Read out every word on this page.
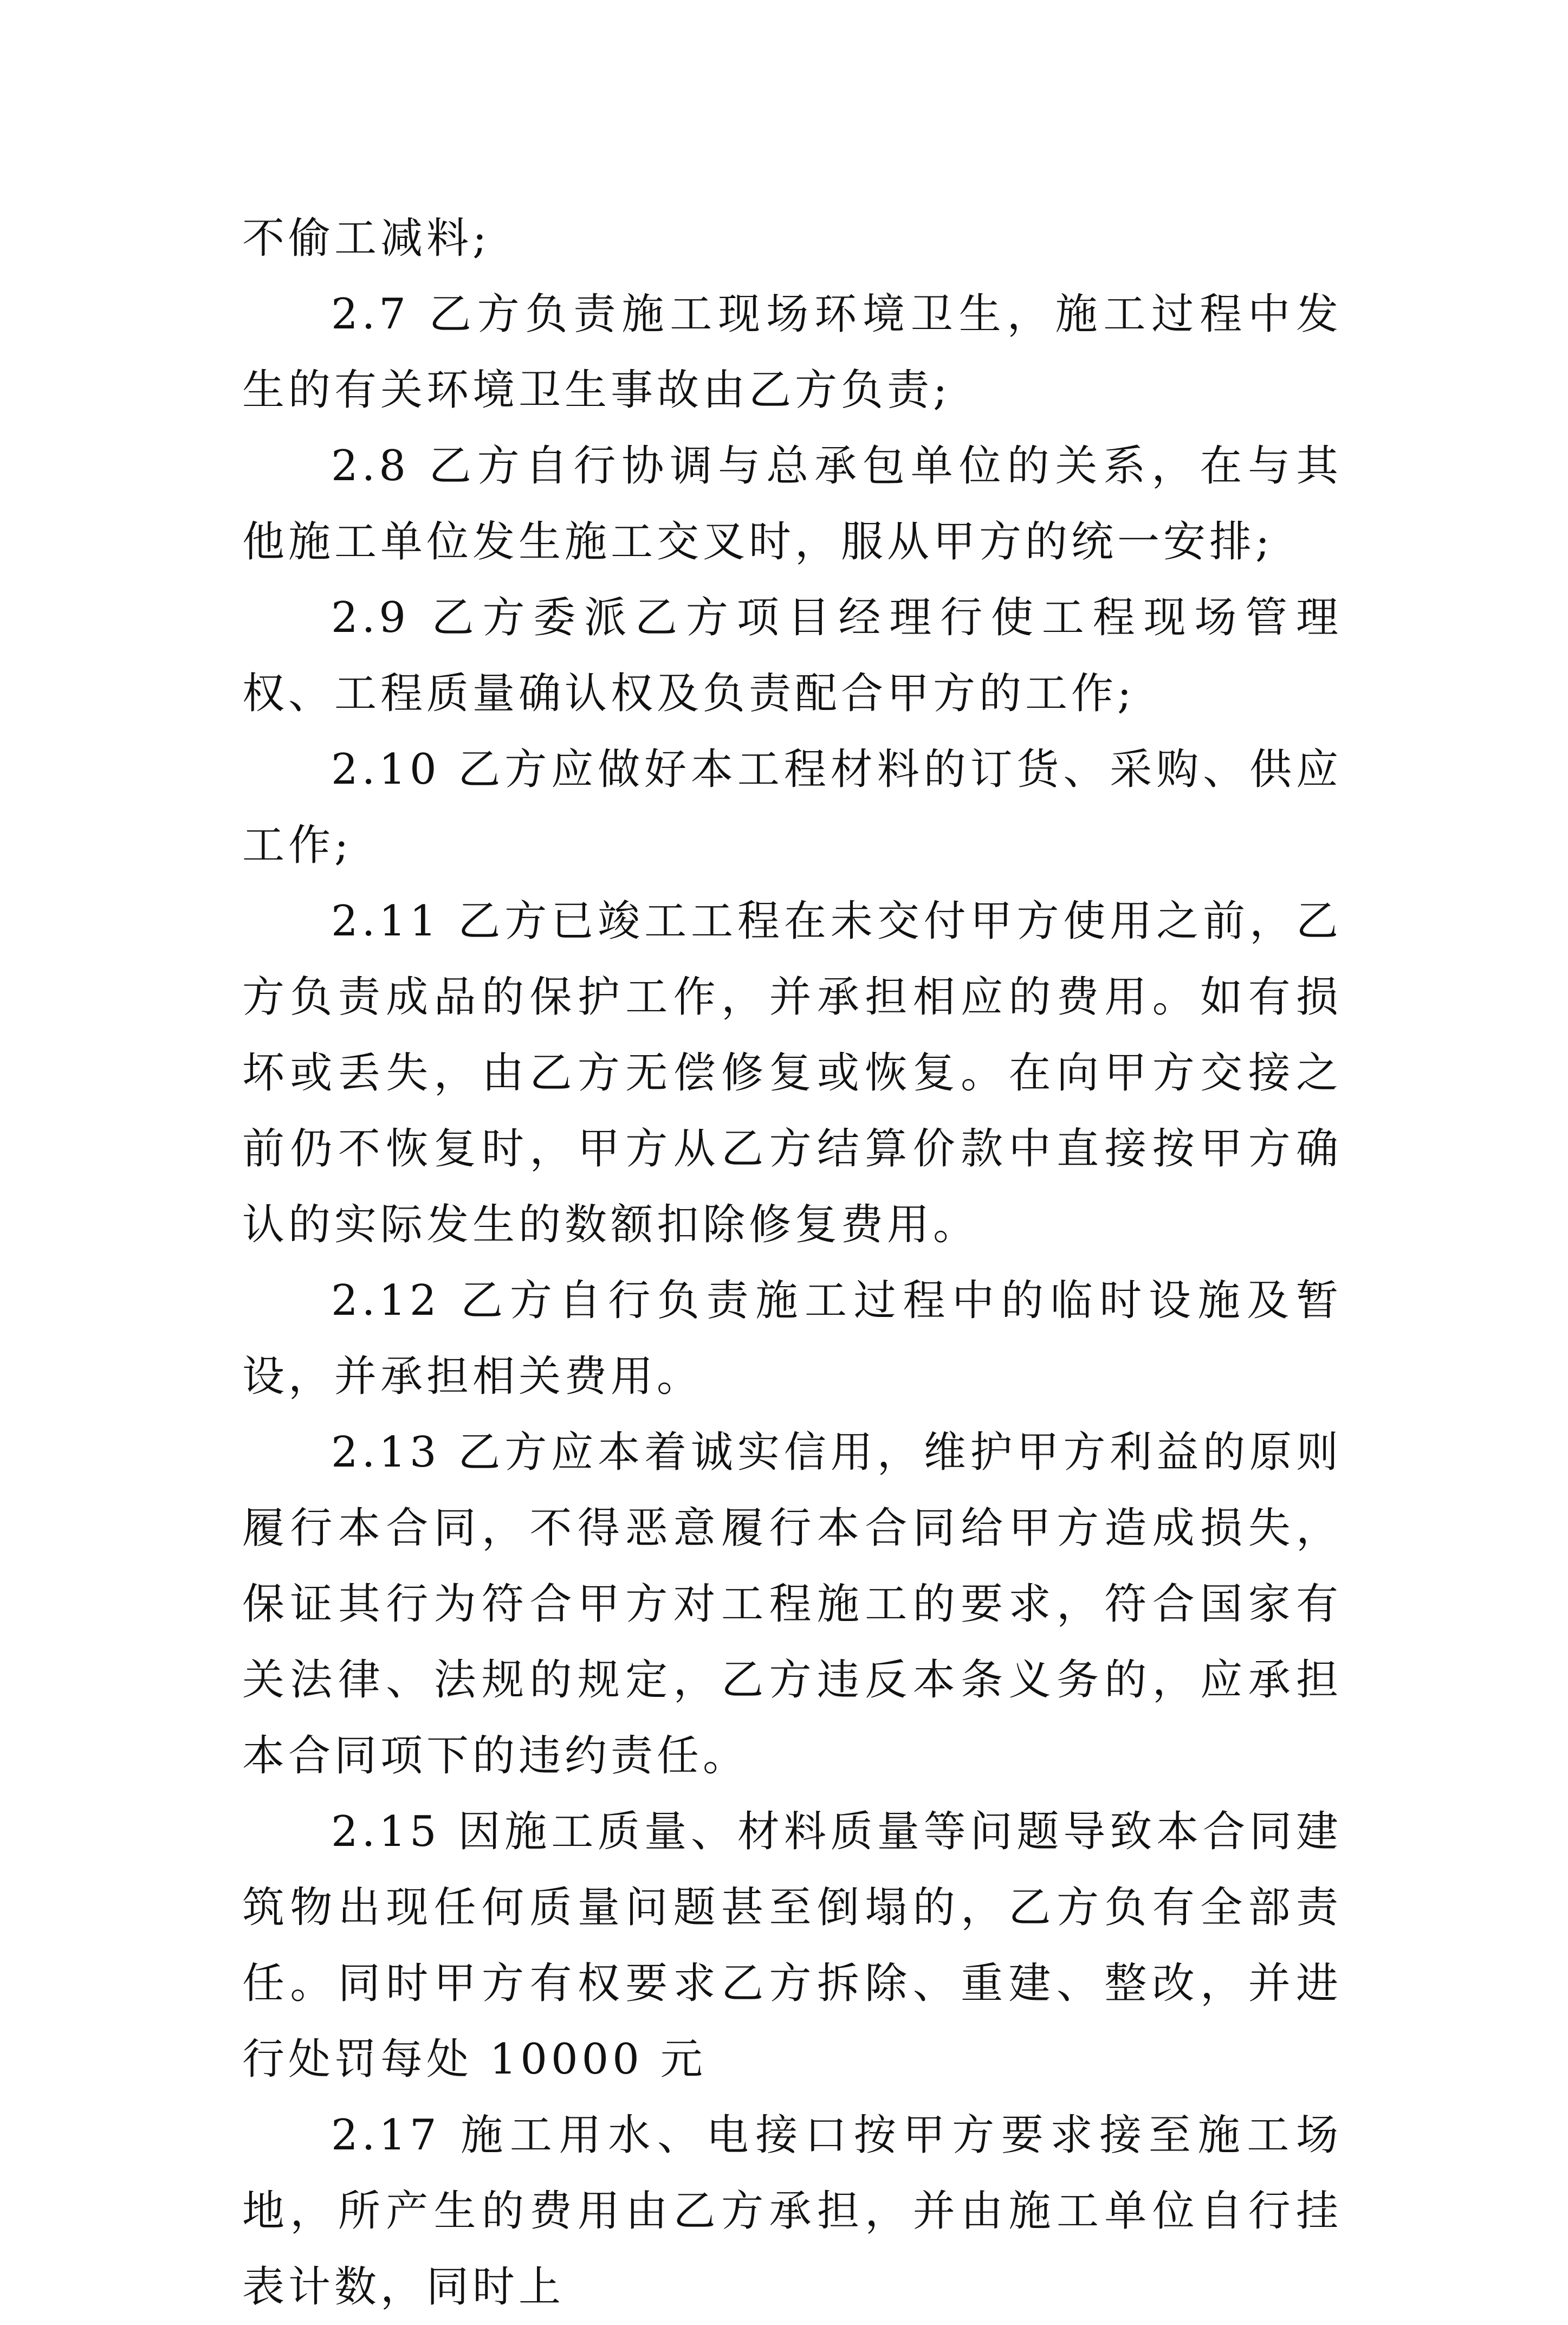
不偷工减料;

2.7 乙方负责施工现场环境卫生，施工过程中发生的有关环境卫生事故由乙方负责;

2.8 乙方自行协调与总承包单位的关系，在与其他施工单位发生施工交叉时，服从甲方的统一安排;

2.9 乙方委派乙方项目经理行使工程现场管理权、工程质量确认权及负责配合甲方的工作;

2.10 乙方应做好本工程材料的订货、采购、供应工作;

2.11 乙方已竣工工程在未交付甲方使用之前，乙方负责成品的保护工作，并承担相应的费用。如有损坏或丢失，由乙方无偿修复或恢复。在向甲方交接之前仍不恢复时，甲方从乙方结算价款中直接按甲方确认的实际发生的数额扣除修复费用。

2.12 乙方自行负责施工过程中的临时设施及暂设，并承担相关费用。

2.13 乙方应本着诚实信用，维护甲方利益的原则履行本合同，不得恶意履行本合同给甲方造成损失，保证其行为符合甲方对工程施工的要求，符合国家有关法律、法规的规定，乙方违反本条义务的，应承担本合同项下的违约责任。

2.15 因施工质量、材料质量等问题导致本合同建筑物出现任何质量问题甚至倒塌的，乙方负有全部责任。同时甲方有权要求乙方拆除、重建、整改，并进行处罚每处 10000 元

2.17 施工用水、电接口按甲方要求接至施工场地，所产生的费用由乙方承担，并由施工单位自行挂表计数，同时上
